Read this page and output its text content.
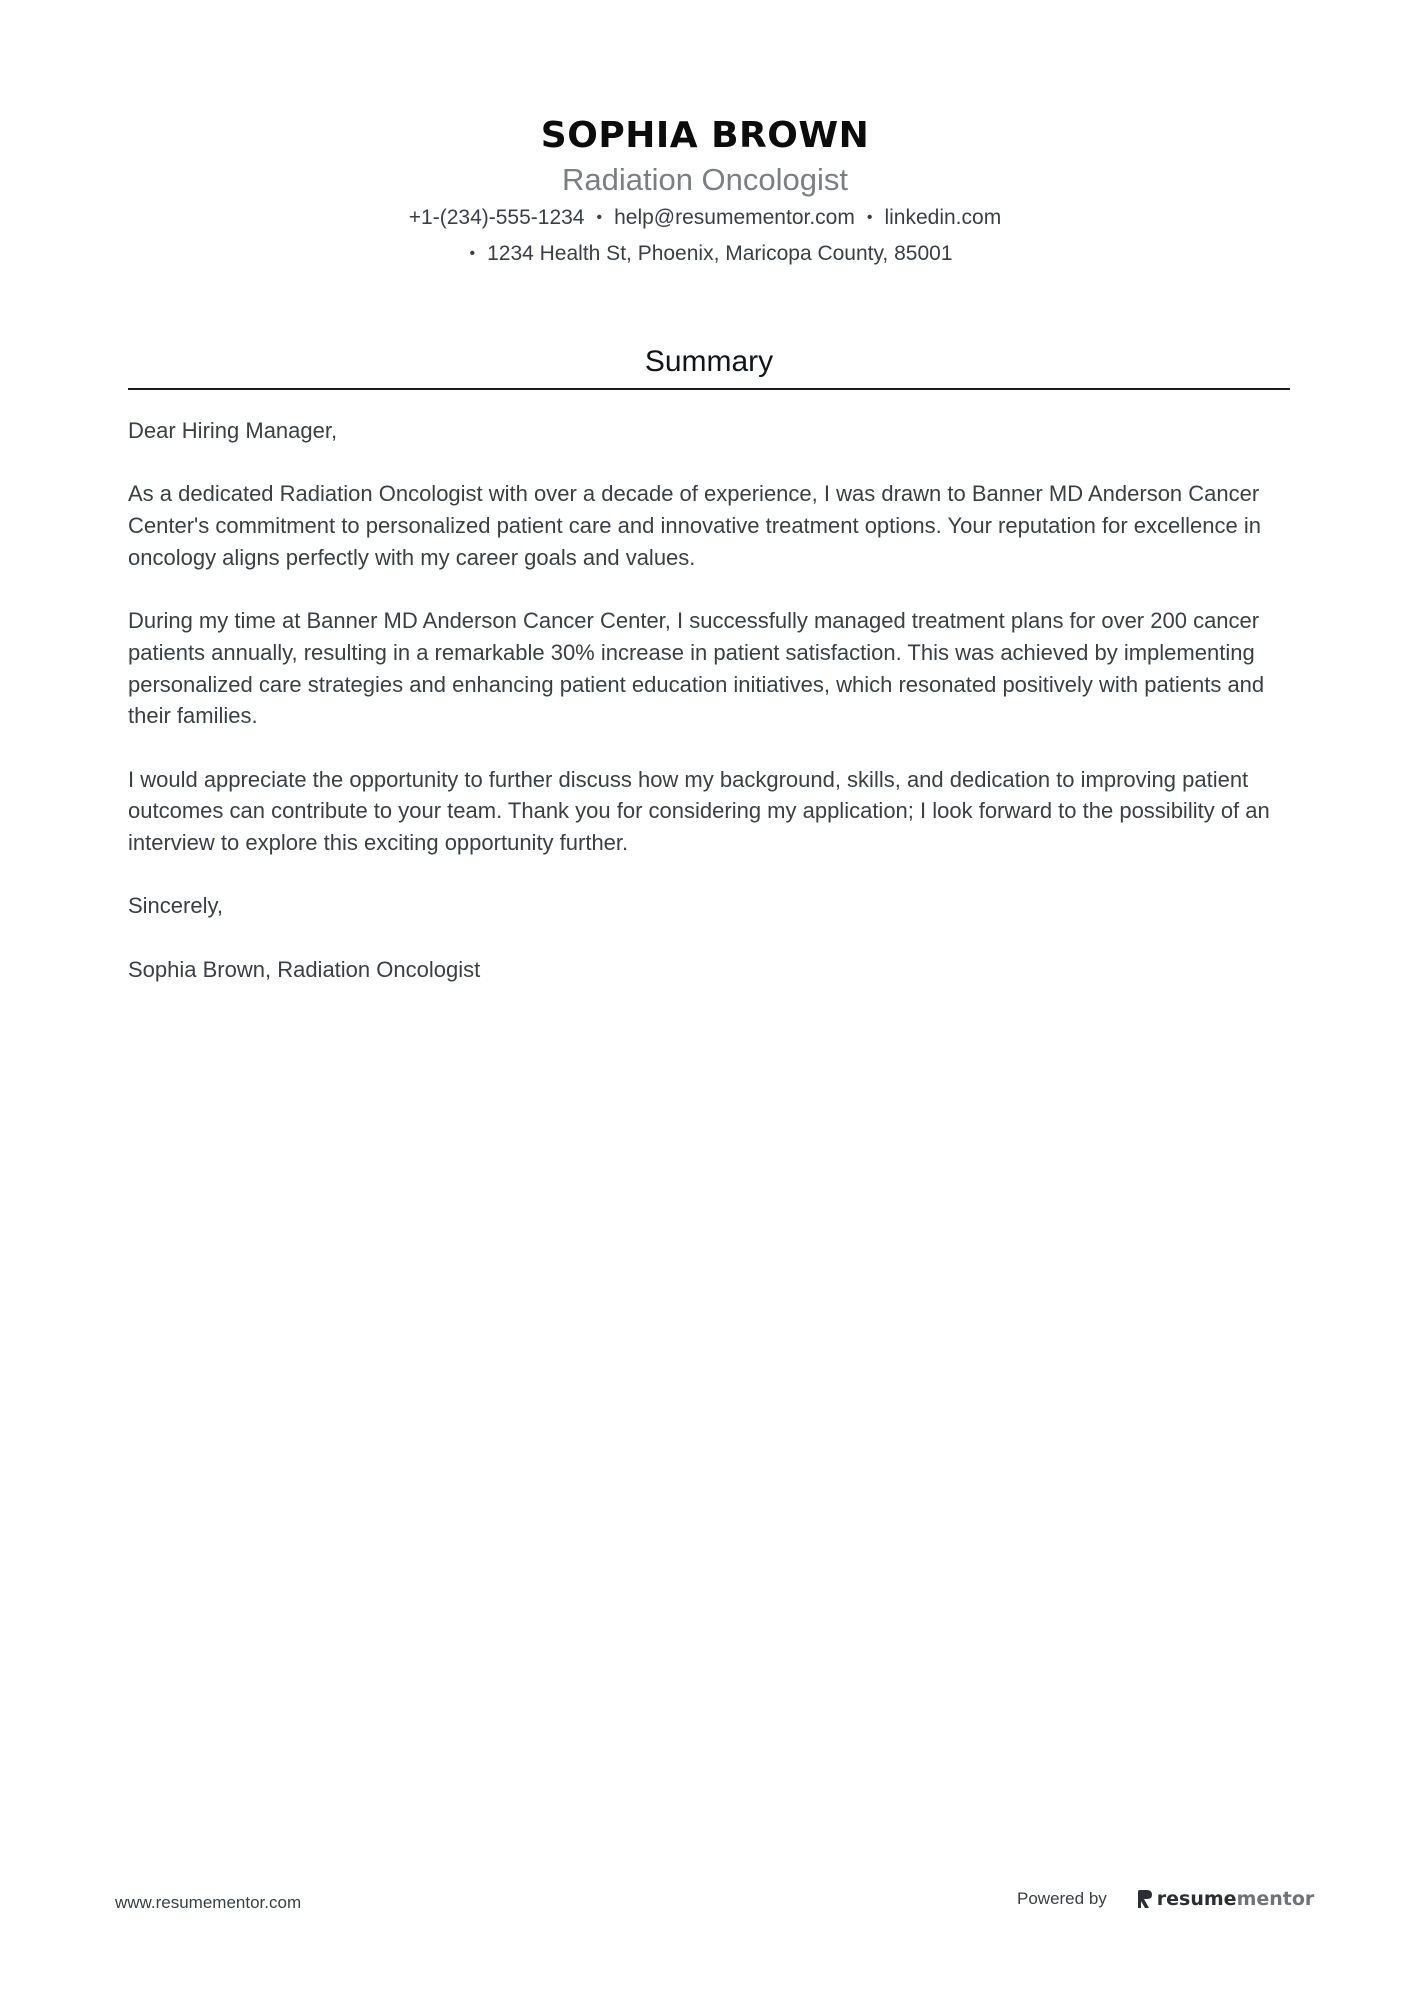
SOPHIA BROWN
Radiation Oncologist
+1-(234)-555-1234 • help@resumementor.com • linkedin.com
• 1234 Health St, Phoenix, Maricopa County, 85001
Summary

Dear Hiring Manager,

As a dedicated Radiation Oncologist with over a decade of experience, I was drawn to Banner MD Anderson Cancer Center's commitment to personalized patient care and innovative treatment options. Your reputation for excellence in oncology aligns perfectly with my career goals and values.

During my time at Banner MD Anderson Cancer Center, I successfully managed treatment plans for over 200 cancer patients annually, resulting in a remarkable 30% increase in patient satisfaction. This was achieved by implementing personalized care strategies and enhancing patient education initiatives, which resonated positively with patients and their families.

I would appreciate the opportunity to further discuss how my background, skills, and dedication to improving patient outcomes can contribute to your team. Thank you for considering my application; I look forward to the possibility of an interview to explore this exciting opportunity further.

Sincerely,

Sophia Brown, Radiation Oncologist

www.resumementor.com	Powered by	resume mentor
